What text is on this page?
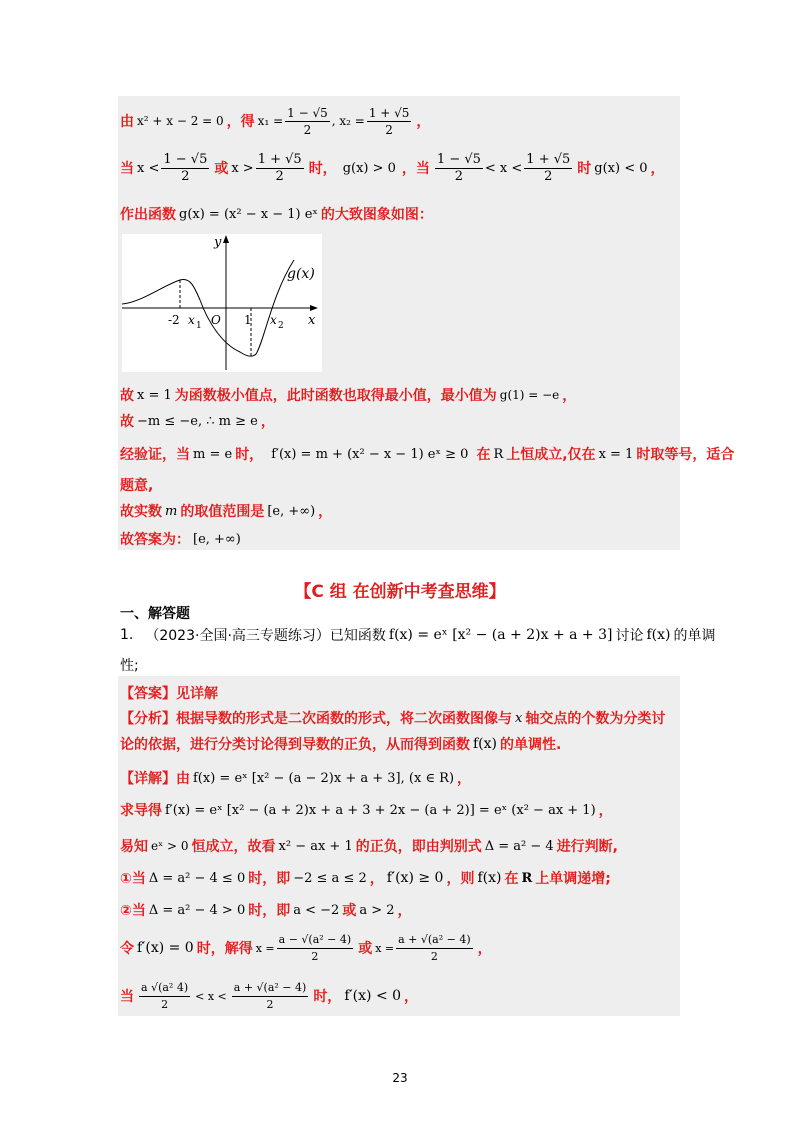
由 x² + x − 2 = 0 ，得 $x_1 = \frac{1 - √5}{2}$ , $x_2 = \frac{1 + √5}{2}$ ，
当 $x < \frac{1 - √5}{2}$ 或 $x > \frac{1 + √5}{2}$ 时， g(x) > 0 ，当 $\frac{1 - √5}{2} < x < \frac{1 + √5}{2}$ 时 g(x) < 0 ，
作出函数 g(x) = (x² − x − 1) eˣ 的大致图象如图：
y
x
g(x)
-2 x 1 O 1 x 2
故 x = 1 为函数极小值点，此时函数也取得最小值，最小值为 g(1) = −e ，
故 −m ≤ −e, ∴ m ≥ e ，
经验证，当 m = e 时， f′(x) = m + (x² − x − 1) eˣ ≥ 0 在 R 上恒成立,仅在 x = 1 时取等号，适合
题意,
故实数 m 的取值范围是 [e, +∞) ，
故答案为： [e, +∞)
【C 组 在创新中考查思维】
一、解答题
1. （2023·全国·高三专题练习）已知函数 f(x) = eˣ [x² − (a + 2)x + a + 3] 讨论 f(x) 的单调
性;
【答案】见详解
【分析】根据导数的形式是二次函数的形式，将二次函数图像与 x 轴交点的个数为分类讨
论的依据，进行分类讨论得到导数的正负，从而得到函数 f(x) 的单调性.
【详解】由 f(x) = eˣ [x² − (a − 2)x + a + 3], (x ∈ R) ，
求导得 f′(x) = eˣ [x² − (a + 2)x + a + 3 + 2x − (a + 2)] = eˣ (x² − ax + 1) ，
易知 eˣ > 0 恒成立，故看 x² − ax + 1 的正负，即由判别式 Δ = a² − 4 进行判断,
①当 Δ = a² − 4 ≤ 0 时，即 −2 ≤ a ≤ 2 ， f′(x) ≥ 0 ，则 f(x) 在 R 上单调递增;
②当 Δ = a² − 4 > 0 时，即 a < −2 或 a > 2 ，
令 f′(x) = 0 时，解得 $x = \frac{\text{a − √(a² − 4)}}{2}$ 或 $x = \frac{\text{a + √(a² − 4)}}{2}$ ，
当 $\frac{\text{a √(a² 4)}}{2} < x < \frac{\text{a + √(a² − 4)}}{2}$ 时， f′(x) < 0 ，
23
